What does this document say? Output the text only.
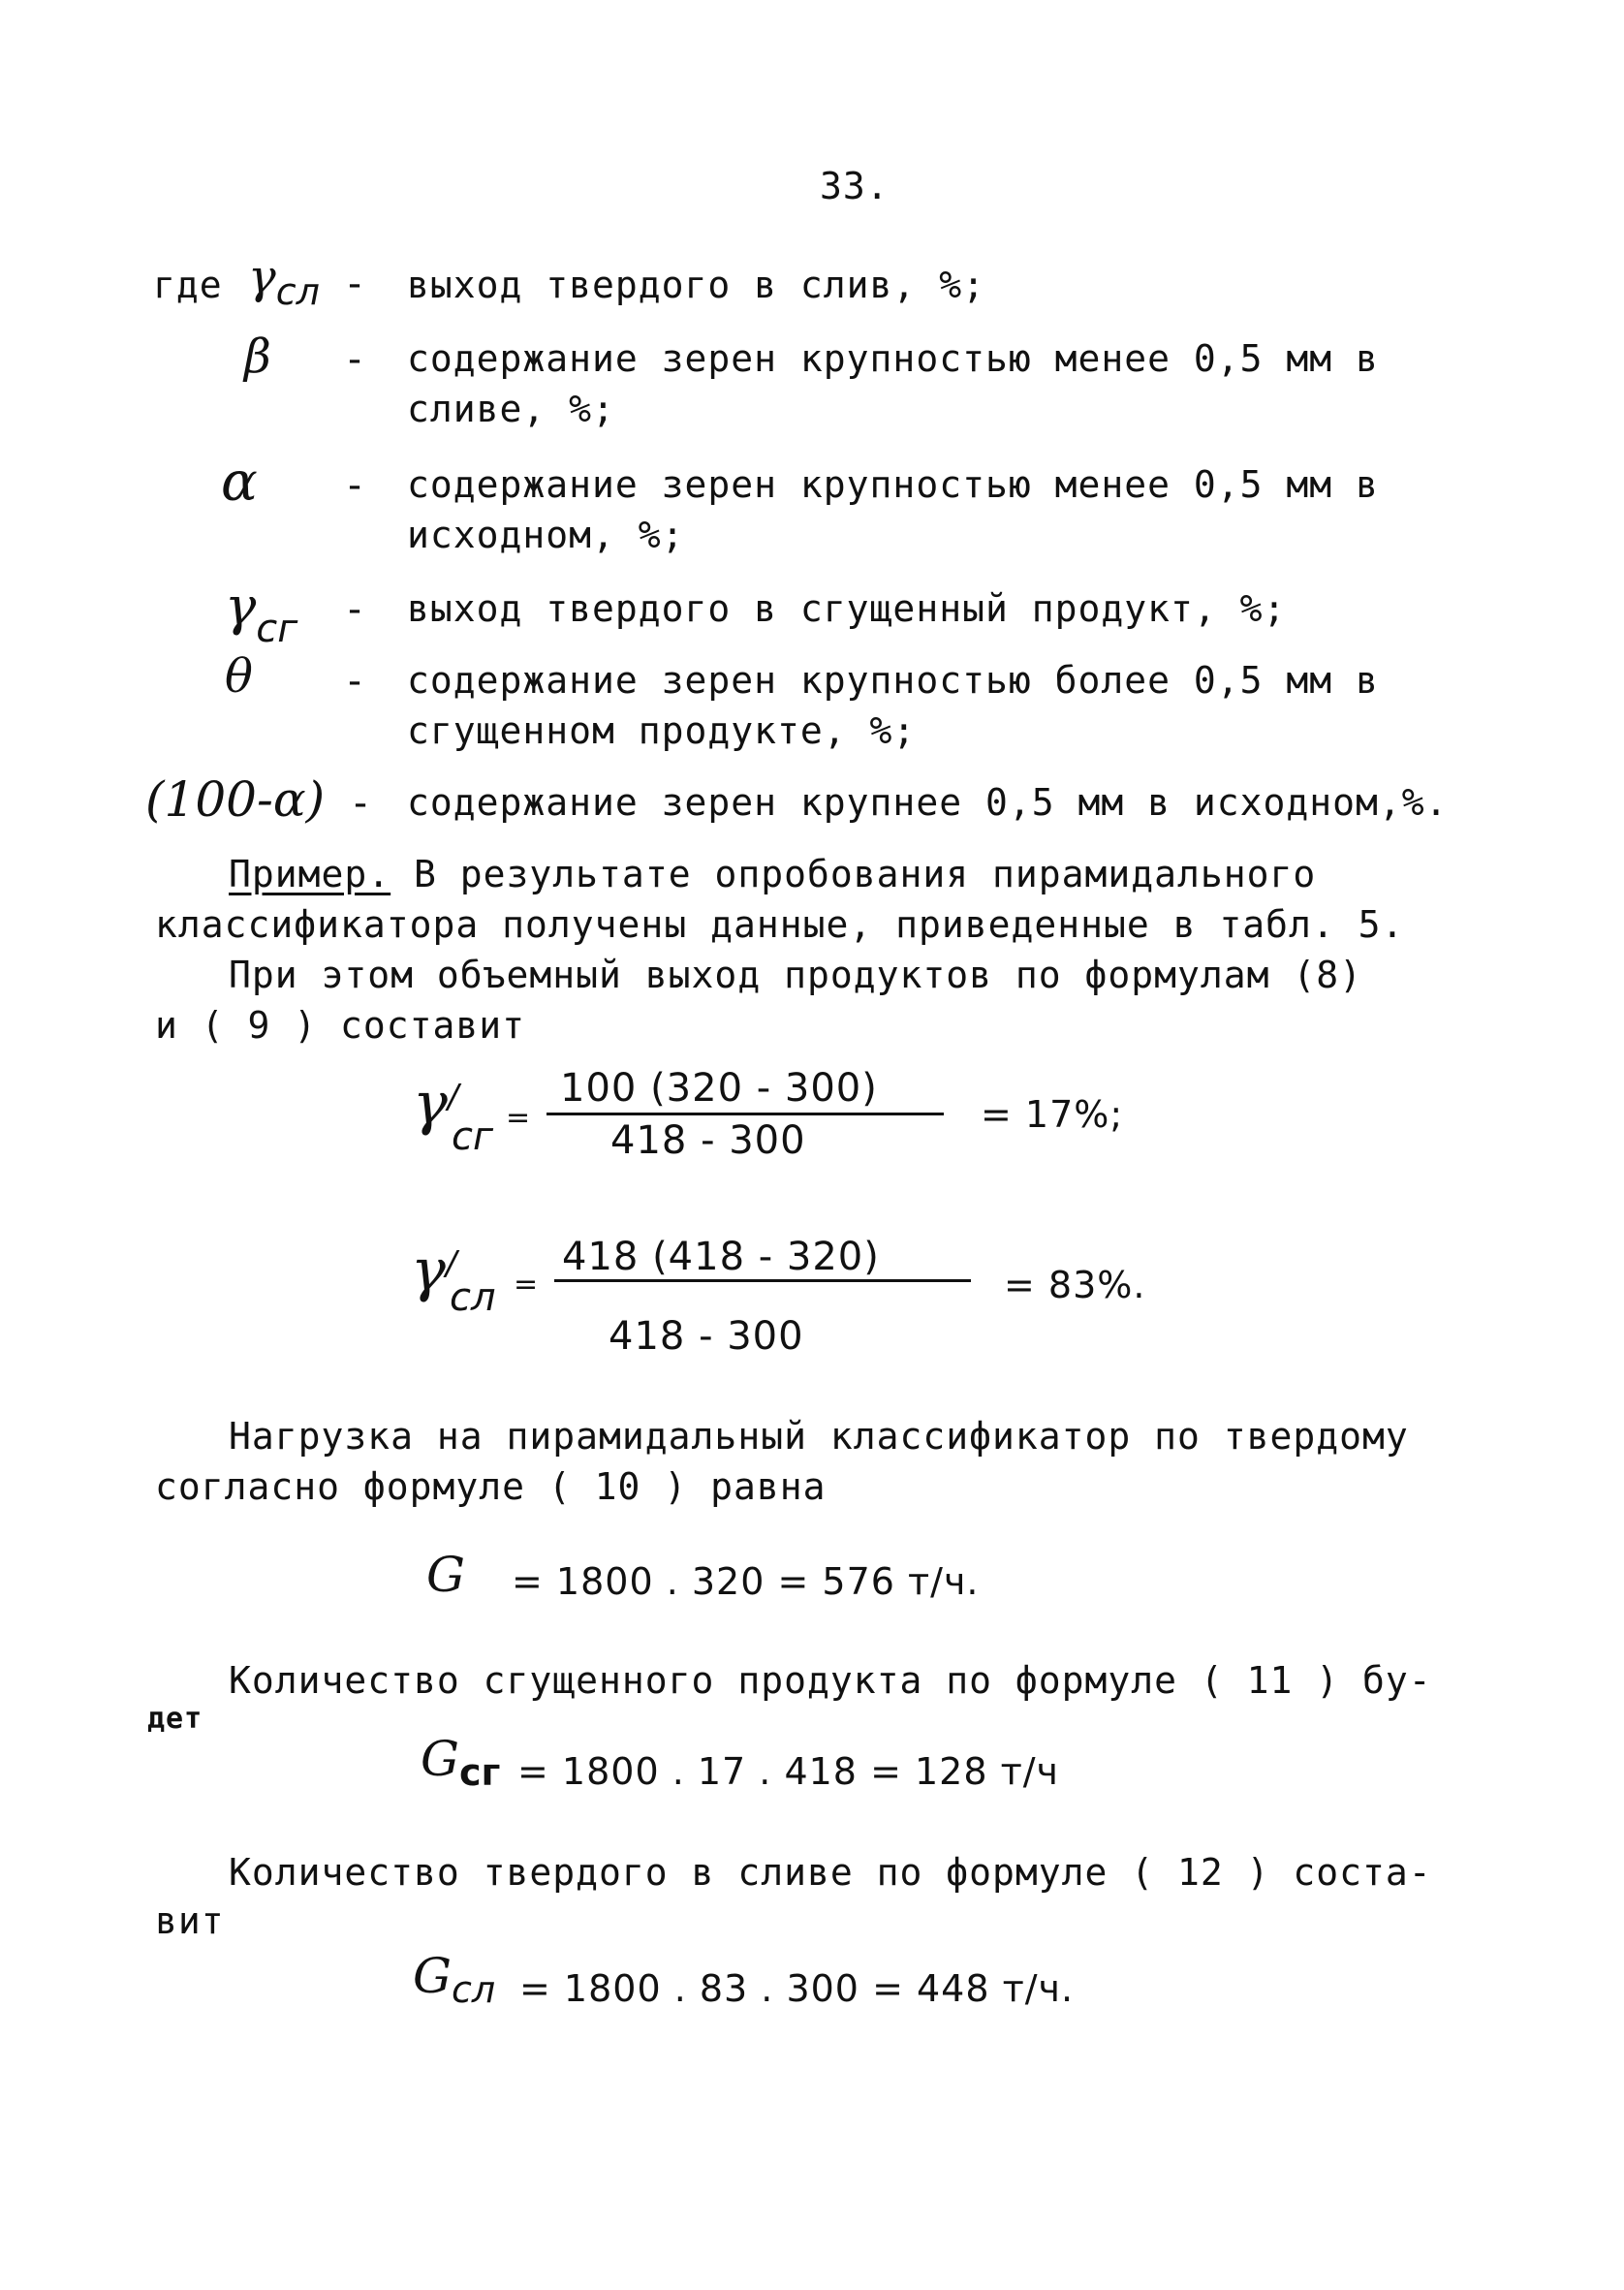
33.
где γсл - выход твердого в слив, %;
β - содержание зерен крупностью менее 0,5 мм в
сливе, %;
α - содержание зерен крупностью менее 0,5 мм в
исходном, %;
γсг - выход твердого в сгущенный продукт, %;
θ - содержание зерен крупностью более 0,5 мм в
сгущенном продукте, %;
(100-α) - содержание зерен крупнее 0,5 мм в исходном,%.
Пример. В результате опробования пирамидального
классификатора получены данные, приведенные в табл. 5.
При этом объемный выход продуктов по формулам (8)
и ( 9 ) составит
γ/
сг =
100 (320 - 300)
418 - 300
= 17%;
γ/
сл =
418 (418 - 320)
418 - 300
= 83%.
Нагрузка на пирамидальный классификатор по твердому
согласно формуле ( 10 ) равна
G = 1800 . 320 = 576 т/ч.
Количество сгущенного продукта по формуле ( 11 ) бу-
дет
Gсг = 1800 . 17 . 418 = 128 т/ч
Количество твердого в сливе по формуле ( 12 ) соста-
вит
Gсл = 1800 . 83 . 300 = 448 т/ч.
